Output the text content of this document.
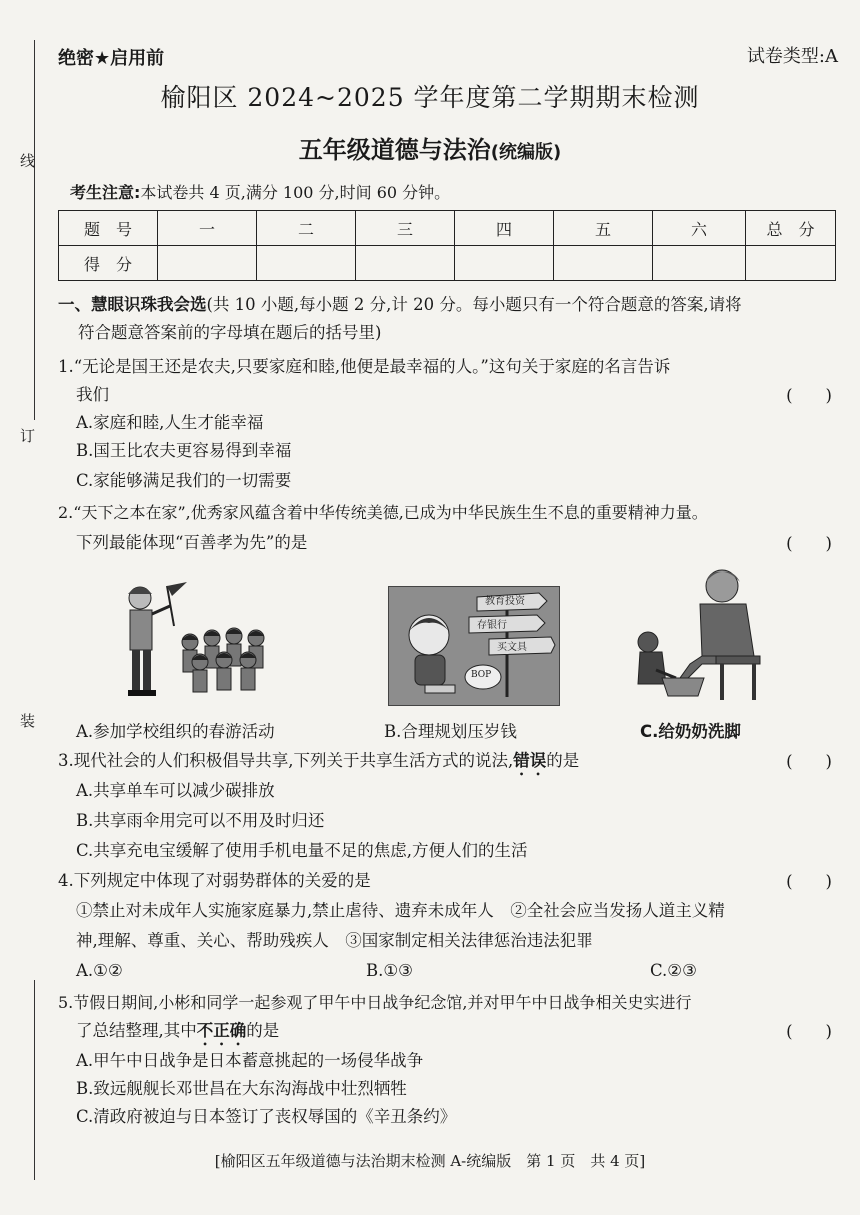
线
订
装
绝密★启用前	试卷类型:A
榆阳区 2024~2025 学年度第二学期期末检测
五年级道德与法治(统编版)
考生注意:本试卷共 4 页,满分 100 分,时间 60 分钟。
题　号	一	二	三	四	五	六	总　分
得　分							
一、慧眼识珠我会选(共 10 小题,每小题 2 分,计 20 分。每小题只有一个符合题意的答案,请将
符合题意答案前的字母填在题后的括号里)
1.“无论是国王还是农夫,只要家庭和睦,他便是最幸福的人。”这句关于家庭的名言告诉
我们	(　　)
A.家庭和睦,人生才能幸福
B.国王比农夫更容易得到幸福
C.家能够满足我们的一切需要
2.“天下之本在家”,优秀家风蕴含着中华传统美德,已成为中华民族生生不息的重要精神力量。
下列最能体现“百善孝为先”的是	(　　)
教育投资
存银行
买文具
BOP
A.参加学校组织的春游活动	B.合理规划压岁钱	C.给奶奶洗脚
3.现代社会的人们积极倡导共享,下列关于共享生活方式的说法,错误的是	(　　)
A.共享单车可以减少碳排放
B.共享雨伞用完可以不用及时归还
C.共享充电宝缓解了使用手机电量不足的焦虑,方便人们的生活
4.下列规定中体现了对弱势群体的关爱的是	(　　)
①禁止对未成年人实施家庭暴力,禁止虐待、遗弃未成年人　②全社会应当发扬人道主义精
神,理解、尊重、关心、帮助残疾人　③国家制定相关法律惩治违法犯罪
A.①②	B.①③	C.②③
5.节假日期间,小彬和同学一起参观了甲午中日战争纪念馆,并对甲午中日战争相关史实进行
了总结整理,其中不正确的是	(　　)
A.甲午中日战争是日本蓄意挑起的一场侵华战争
B.致远舰舰长邓世昌在大东沟海战中壮烈牺牲
C.清政府被迫与日本签订了丧权辱国的《辛丑条约》
[榆阳区五年级道德与法治期末检测 A-统编版　第 1 页　共 4 页]
